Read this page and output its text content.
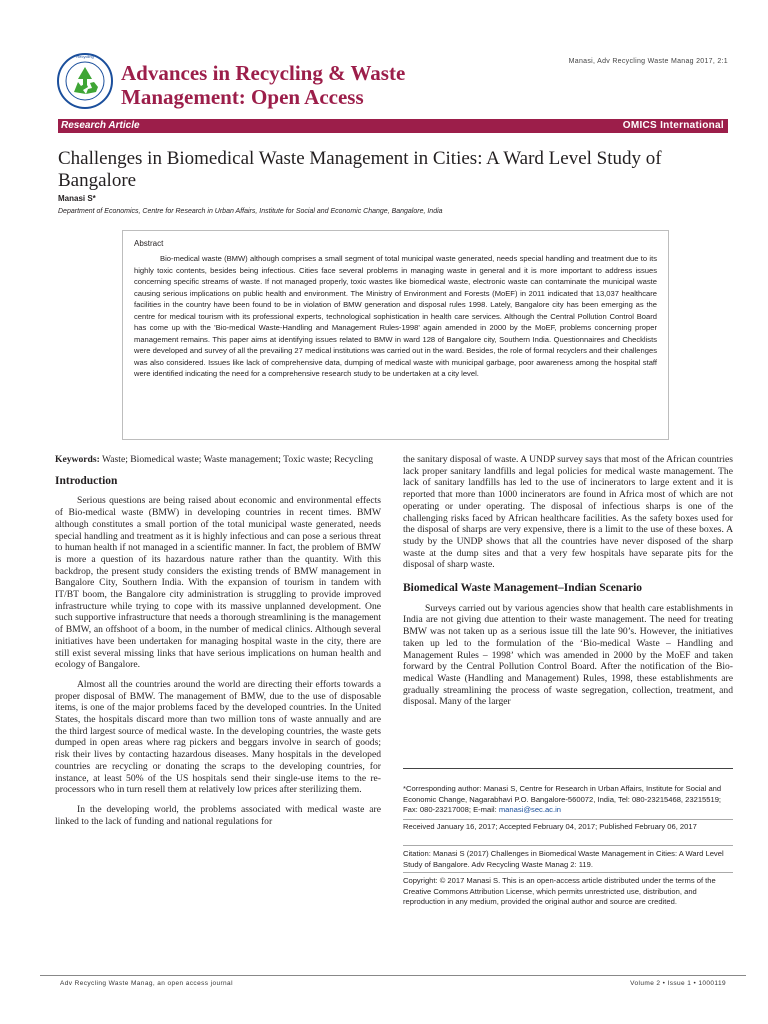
Recycling
Advances in Recycling & Waste
Management: Open Access
Manasi, Adv Recycling Waste Manag 2017, 2:1
Research Article	OMICS International
Challenges in Biomedical Waste Management in Cities: A Ward Level Study of Bangalore
Manasi S*
Department of Economics, Centre for Research in Urban Affairs, Institute for Social and Economic Change, Bangalore, India
Abstract

Bio-medical waste (BMW) although comprises a small segment of total municipal waste generated, needs special handling and treatment due to its highly toxic contents, besides being infectious. Cities face several problems in managing waste in general and it is more important to address issues concerning specific streams of waste. If not managed properly, toxic wastes like biomedical waste, electronic waste can contaminate the municipal waste causing serious implications on public health and environment. The Ministry of Environment and Forests (MoEF) in 2011 indicated that 13,037 healthcare facilities in the country have been found to be in violation of BMW generation and disposal rules 1998. Lately, Bangalore city has been emerging as the centre for medical tourism with its professional experts, technological sophistication in health care services. Although the Central Pollution Control Board has come up with the 'Bio-medical Waste-Handling and Management Rules-1998' again amended in 2000 by the MoEF, problems concerning proper management remains. This paper aims at identifying issues related to BMW in ward 128 of Bangalore city, Southern India. Questionnaires and Checklists were developed and survey of all the prevailing 27 medical institutions was carried out in the ward. Besides, the role of formal recyclers and their challenges was also considered. Issues like lack of comprehensive data, dumping of medical waste with municipal garbage, poor awareness among the hospital staff were identified indicating the need for a comprehensive research study to be undertaken at a city level.

Keywords: Waste; Biomedical waste; Waste management; Toxic waste; Recycling

Introduction

Serious questions are being raised about economic and environmental effects of Bio-medical waste (BMW) in developing countries in recent times. BMW although constitutes a small portion of the total municipal waste generated, needs special handling and treatment as it is highly infectious and can pose a serious threat to human health if not managed in a scientific manner. In fact, the problem of BMW is more a question of its hazardous nature rather than the quantity. With this backdrop, the present study considers the existing trends of BMW management in Bangalore City, Southern India. With the expansion of tourism in tandem with IT/BT boom, the Bangalore city administration is struggling to provide improved infrastructure while trying to cope with its massive unplanned development. One such supportive infrastructure that needs a thorough streamlining is the management of BMW, an offshoot of a boom, in the number of medical clinics. Although several initiatives have been undertaken for managing hospital waste in the city, there are still exist several missing links that have serious implications on human health and ecology of Bangalore.

Almost all the countries around the world are directing their efforts towards a proper disposal of BMW. The management of BMW, due to the use of disposable items, is one of the major problems faced by the developed countries. In the United States, the hospitals discard more than two million tons of waste annually and are the third largest source of medical waste. In the developing countries, the waste gets dumped in open areas where rag pickers and beggars involve in search of goods; risk their lives by contacting hazardous diseases. Many hospitals in the developed countries are recycling or donating the scraps to the developing countries, for instance, at least 50% of the US hospitals send their single-use items to the re-processors who in turn resell them at relatively low prices after sterilizing them.

In the developing world, the problems associated with medical waste are linked to the lack of funding and national regulations for

the sanitary disposal of waste. A UNDP survey says that most of the African countries lack proper sanitary landfills and legal policies for medical waste management. The lack of sanitary landfills has led to the use of incinerators to large extent and it is reported that more than 1000 incinerators are found in Africa most of which are not operating or under operating. The disposal of infectious sharps is one of the challenging risks faced by African healthcare facilities. As the safety boxes used for the disposal of sharps are very expensive, there is a limit to the use of these boxes. A study by the UNDP shows that all the countries have never disposed of the sharp waste at the dump sites and that a very few hospitals have separate pits for the disposal of sharp waste.

Biomedical Waste Management–Indian Scenario

Surveys carried out by various agencies show that health care establishments in India are not giving due attention to their waste management. The need for treating BMW was not taken up as a serious issue till the late 90’s. However, the initiatives taken up led to the formulation of the ‘Bio-medical Waste – Handling and Management Rules – 1998’ which was amended in 2000 by the MoEF and taken forward by the Central Pollution Control Board. After the notification of the Bio-medical Waste (Handling and Management) Rules, 1998, these establishments are gradually streamlining the process of waste segregation, collection, treatment, and disposal. Many of the larger

*Corresponding author: Manasi S, Centre for Research in Urban Affairs, Institute for Social and Economic Change, Nagarabhavi P.O. Bangalore-560072, India, Tel: 080-23215468, 23215519; Fax: 080-23217008; E-mail: manasi@sec.ac.in

Received January 16, 2017; Accepted February 04, 2017; Published February 06, 2017

Citation: Manasi S (2017) Challenges in Biomedical Waste Management in Cities: A Ward Level Study of Bangalore. Adv Recycling Waste Manag 2: 119.

Copyright: © 2017 Manasi S. This is an open-access article distributed under the terms of the Creative Commons Attribution License, which permits unrestricted use, distribution, and reproduction in any medium, provided the original author and source are credited.

Adv Recycling Waste Manag, an open access journal	Volume 2 • Issue 1 • 1000119
